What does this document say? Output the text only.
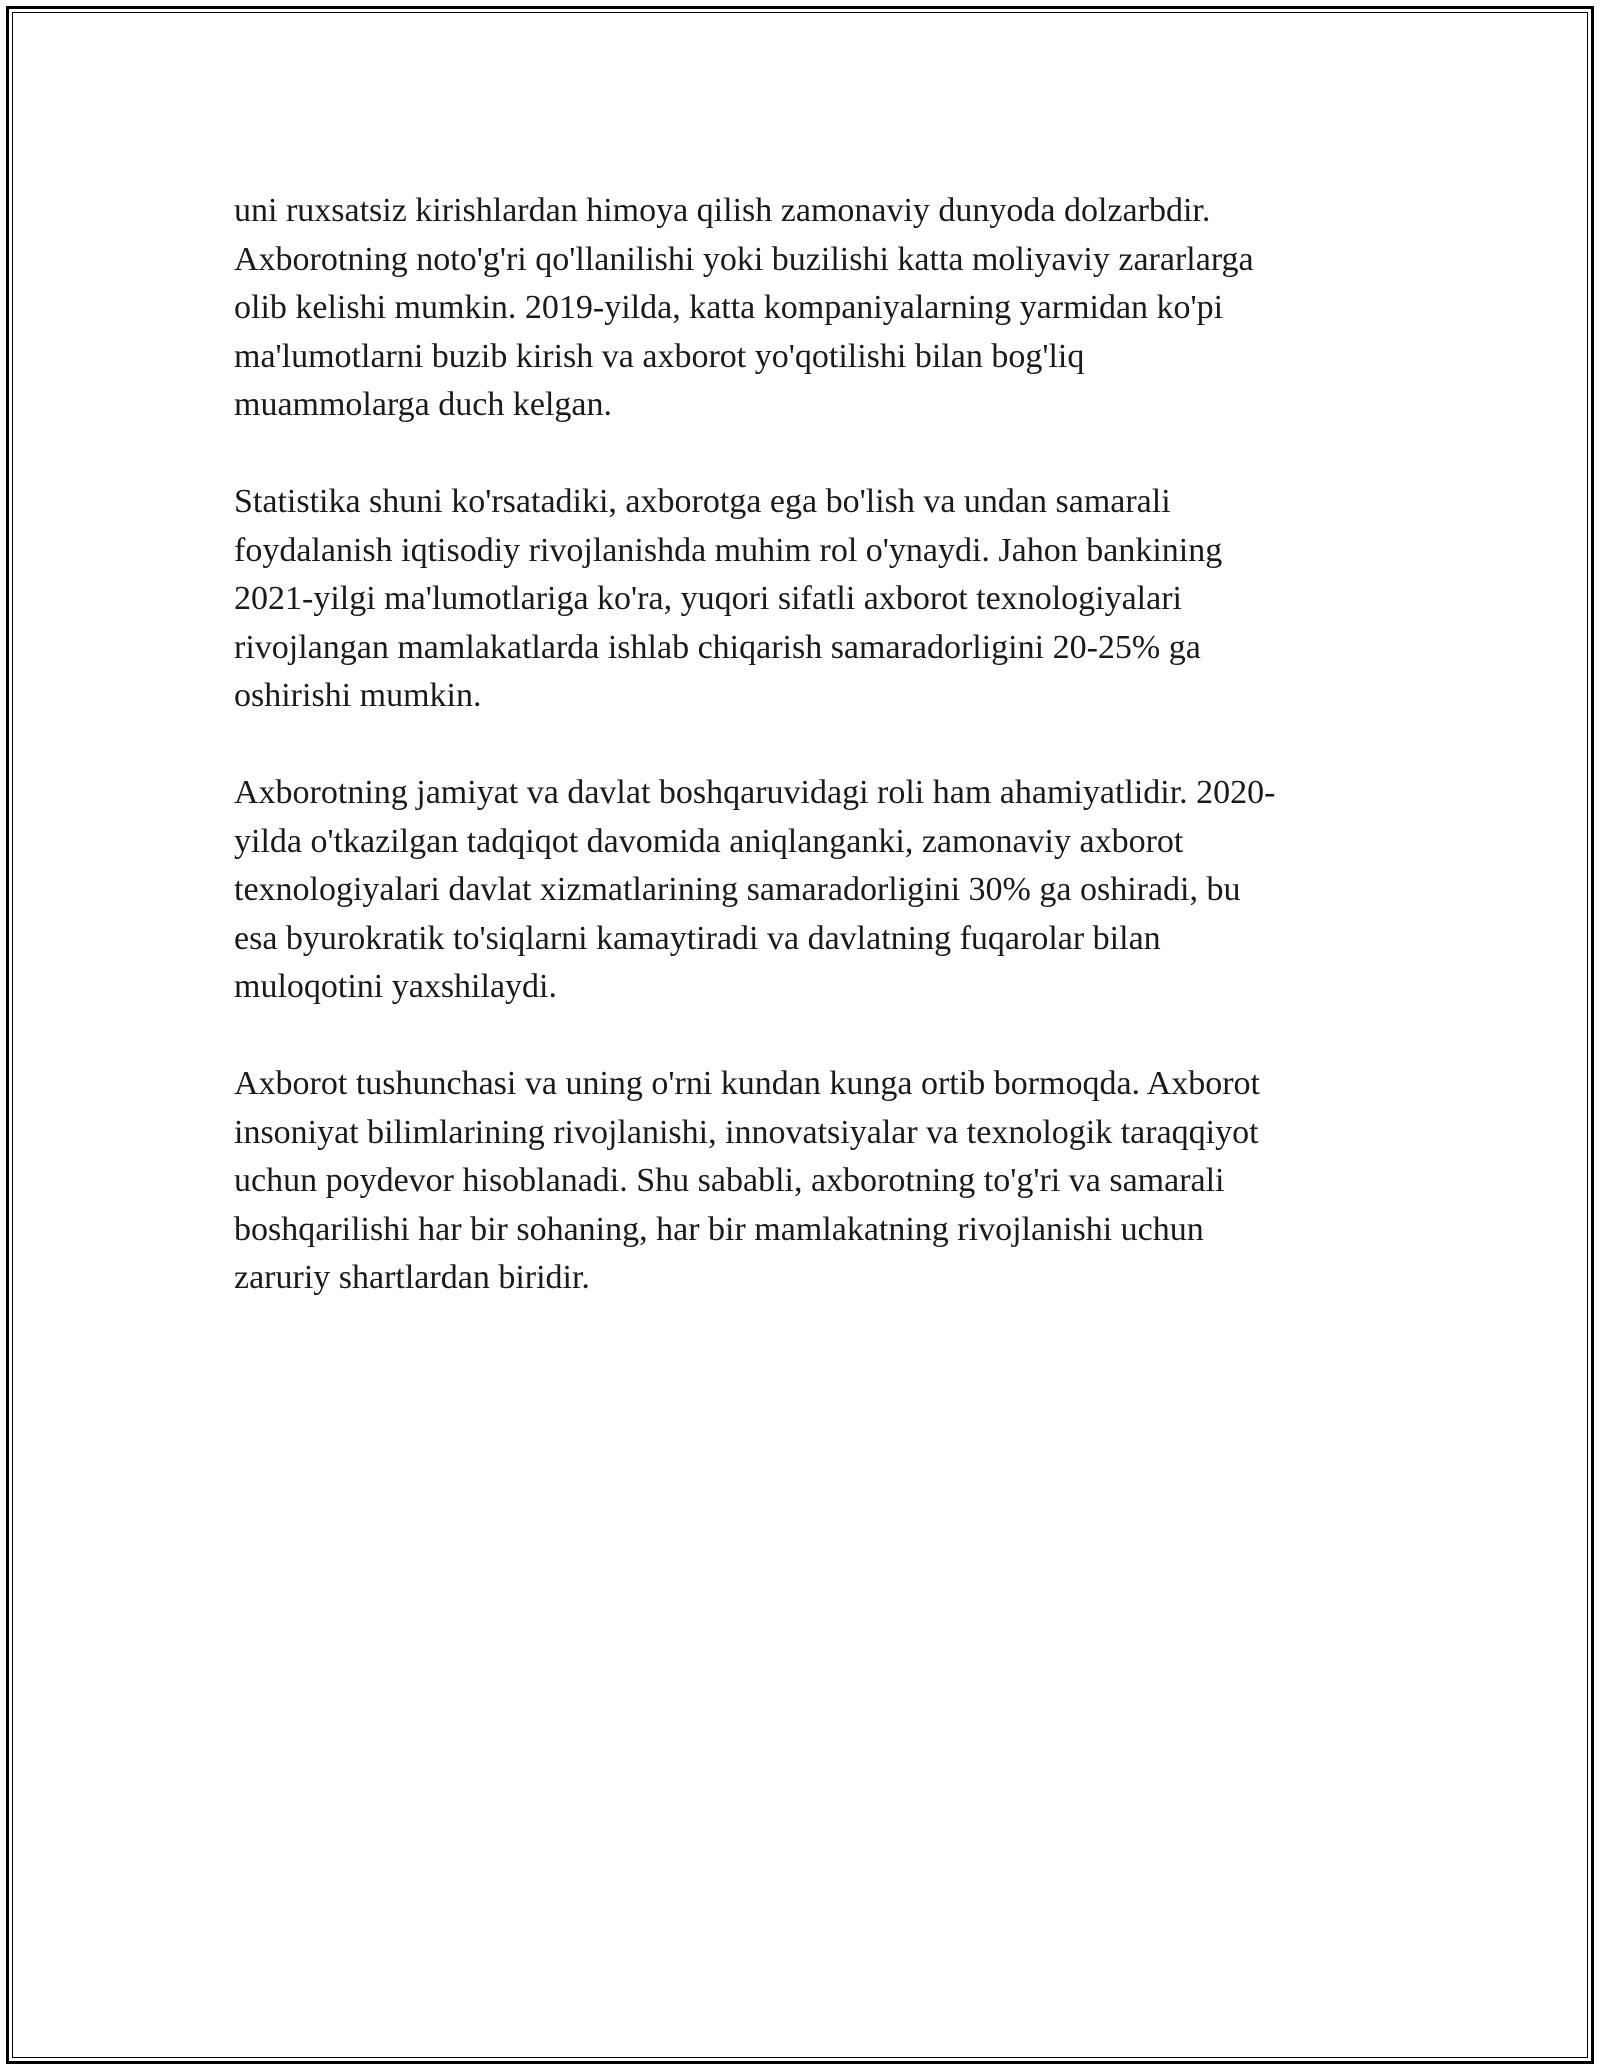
uni ruxsatsiz kirishlardan himoya qilish zamonaviy dunyoda dolzarbdir.
Axborotning noto'g'ri qo'llanilishi yoki buzilishi katta moliyaviy zararlarga
olib kelishi mumkin. 2019-yilda, katta kompaniyalarning yarmidan ko'pi
ma'lumotlarni buzib kirish va axborot yo'qotilishi bilan bog'liq
muammolarga duch kelgan.

Statistika shuni ko'rsatadiki, axborotga ega bo'lish va undan samarali
foydalanish iqtisodiy rivojlanishda muhim rol o'ynaydi. Jahon bankining
2021-yilgi ma'lumotlariga ko'ra, yuqori sifatli axborot texnologiyalari
rivojlangan mamlakatlarda ishlab chiqarish samaradorligini 20-25% ga
oshirishi mumkin.

Axborotning jamiyat va davlat boshqaruvidagi roli ham ahamiyatlidir. 2020-
yilda o'tkazilgan tadqiqot davomida aniqlanganki, zamonaviy axborot
texnologiyalari davlat xizmatlarining samaradorligini 30% ga oshiradi, bu
esa byurokratik to'siqlarni kamaytiradi va davlatning fuqarolar bilan
muloqotini yaxshilaydi.

Axborot tushunchasi va uning o'rni kundan kunga ortib bormoqda. Axborot
insoniyat bilimlarining rivojlanishi, innovatsiyalar va texnologik taraqqiyot
uchun poydevor hisoblanadi. Shu sababli, axborotning to'g'ri va samarali
boshqarilishi har bir sohaning, har bir mamlakatning rivojlanishi uchun
zaruriy shartlardan biridir.
